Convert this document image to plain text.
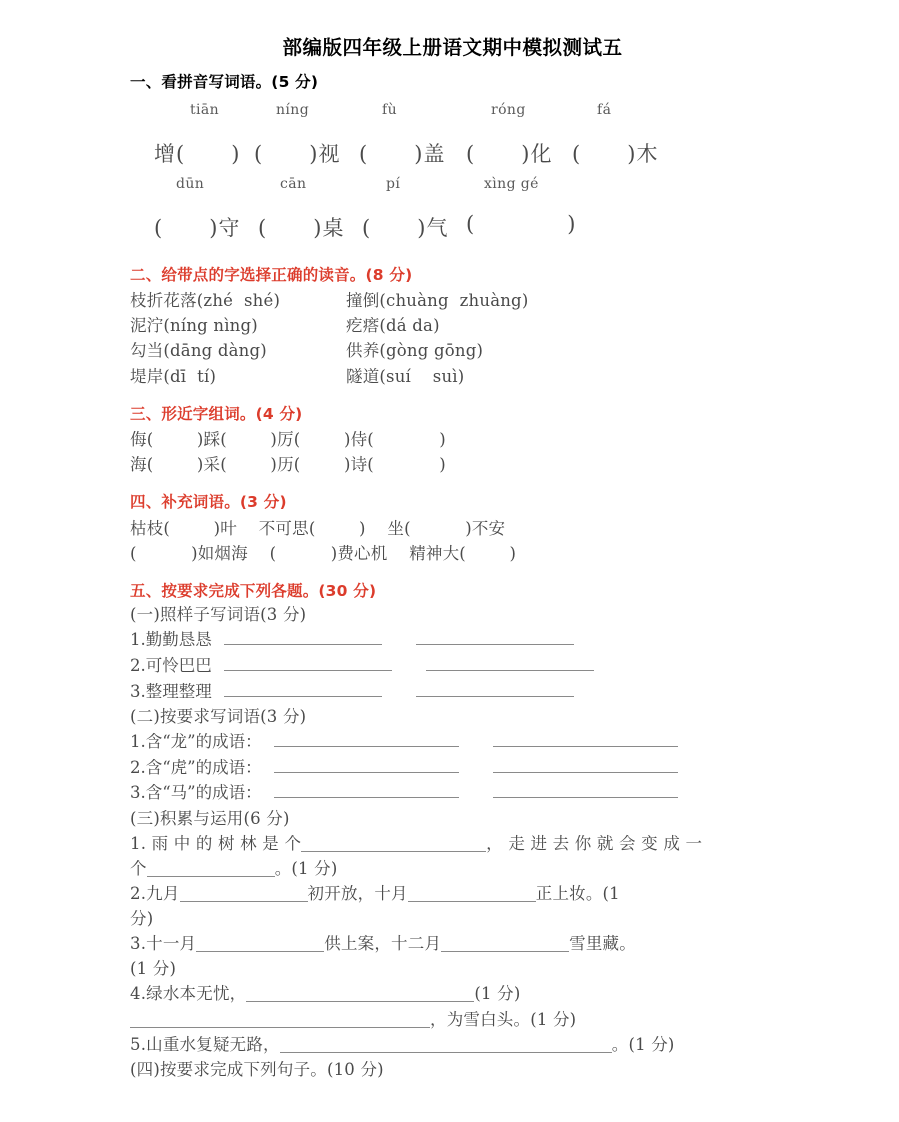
部编版四年级上册语文期中模拟测试五
一、看拼音写词语。(5 分)
tiān	níng	fù	róng	fá
增(      ) (      )视 (      )盖 (      )化 (      )木
dūn	cān	pí	xìng gé
(      )守 (      )桌 (      )气 (            )
二、给带点的字选择正确的读音。(8 分)
枝折花落(zhé  shé)	撞倒(chuàng  zhuàng)
泥泞(níng nìng)	疙瘩(dá da)
勾当(dāng dàng)	供养(gòng gōng)
堤岸(dī  tí)	隧道(suí    suì)
三、形近字组词。(4 分)
侮(        )踩(        )厉(        )侍(            )
海(        )采(        )历(        )诗(            )
四、补充词语。(3 分)
枯枝(        )叶    不可思(        )    坐(          )不安
(          )如烟海    (          )费心机    精神大(        )
五、按要求完成下列各题。(30 分)
(一)照样子写词语(3 分)
1.勤勤恳恳
2.可怜巴巴
3.整理整理
(二)按要求写词语(3 分)
1.含“龙”的成语：
2.含“虎”的成语：
3.含“马”的成语：
(三)积累与运用(6 分)
1. 雨 中 的 树 林 是 个	， 走 进 去 你 就 会 变 成 一
个	。(1 分)
2.九月	初开放，十月	正上妆。(1
分)
3.十一月	供上案，十二月	雪里藏。
(1 分)
4.绿水本无忧，	(1 分)
，为雪白头。(1 分)
5.山重水复疑无路，	。(1 分)
(四)按要求完成下列句子。(10 分)
